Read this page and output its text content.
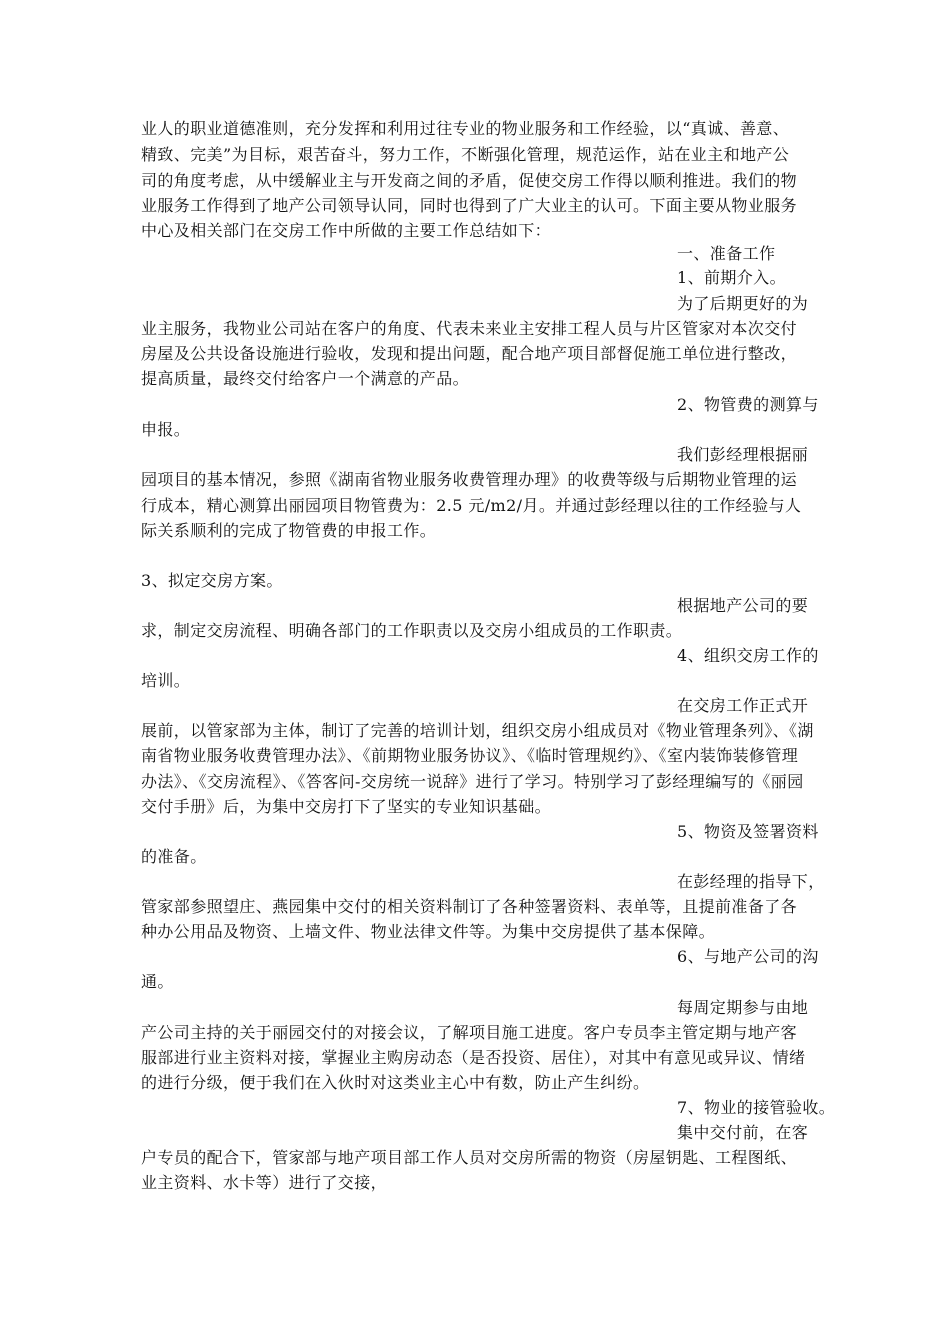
业人的职业道德准则，充分发挥和利用过往专业的物业服务和工作经验，以“真诚、善意、
精致、完美”为目标，艰苦奋斗，努力工作，不断强化管理，规范运作，站在业主和地产公
司的角度考虑，从中缓解业主与开发商之间的矛盾，促使交房工作得以顺利推进。我们的物
业服务工作得到了地产公司领导认同，同时也得到了广大业主的认可。下面主要从物业服务
中心及相关部门在交房工作中所做的主要工作总结如下：
一、准备工作
1、前期介入。
为了后期更好的为
业主服务，我物业公司站在客户的角度、代表未来业主安排工程人员与片区管家对本次交付
房屋及公共设备设施进行验收，发现和提出问题，配合地产项目部督促施工单位进行整改，
提高质量，最终交付给客户一个满意的产品。
2、物管费的测算与
申报。
我们彭经理根据丽
园项目的基本情况，参照《湖南省物业服务收费管理办理》的收费等级与后期物业管理的运
行成本，精心测算出丽园项目物管费为：2.5 元/m2/月。并通过彭经理以往的工作经验与人
际关系顺利的完成了物管费的申报工作。
3、拟定交房方案。
根据地产公司的要
求，制定交房流程、明确各部门的工作职责以及交房小组成员的工作职责。
4、组织交房工作的
培训。
在交房工作正式开
展前，以管家部为主体，制订了完善的培训计划，组织交房小组成员对《物业管理条列》、《湖
南省物业服务收费管理办法》、《前期物业服务协议》、《临时管理规约》、《室内装饰装修管理
办法》、《交房流程》、《答客问-交房统一说辞》进行了学习。特别学习了彭经理编写的《丽园
交付手册》后，为集中交房打下了坚实的专业知识基础。
5、物资及签署资料
的准备。
在彭经理的指导下，
管家部参照望庄、燕园集中交付的相关资料制订了各种签署资料、表单等，且提前准备了各
种办公用品及物资、上墙文件、物业法律文件等。为集中交房提供了基本保障。
6、与地产公司的沟
通。
每周定期参与由地
产公司主持的关于丽园交付的对接会议，了解项目施工进度。客户专员李主管定期与地产客
服部进行业主资料对接，掌握业主购房动态（是否投资、居住），对其中有意见或异议、情绪
的进行分级，便于我们在入伙时对这类业主心中有数，防止产生纠纷。
7、物业的接管验收。
集中交付前，在客
户专员的配合下，管家部与地产项目部工作人员对交房所需的物资（房屋钥匙、工程图纸、
业主资料、水卡等）进行了交接，
